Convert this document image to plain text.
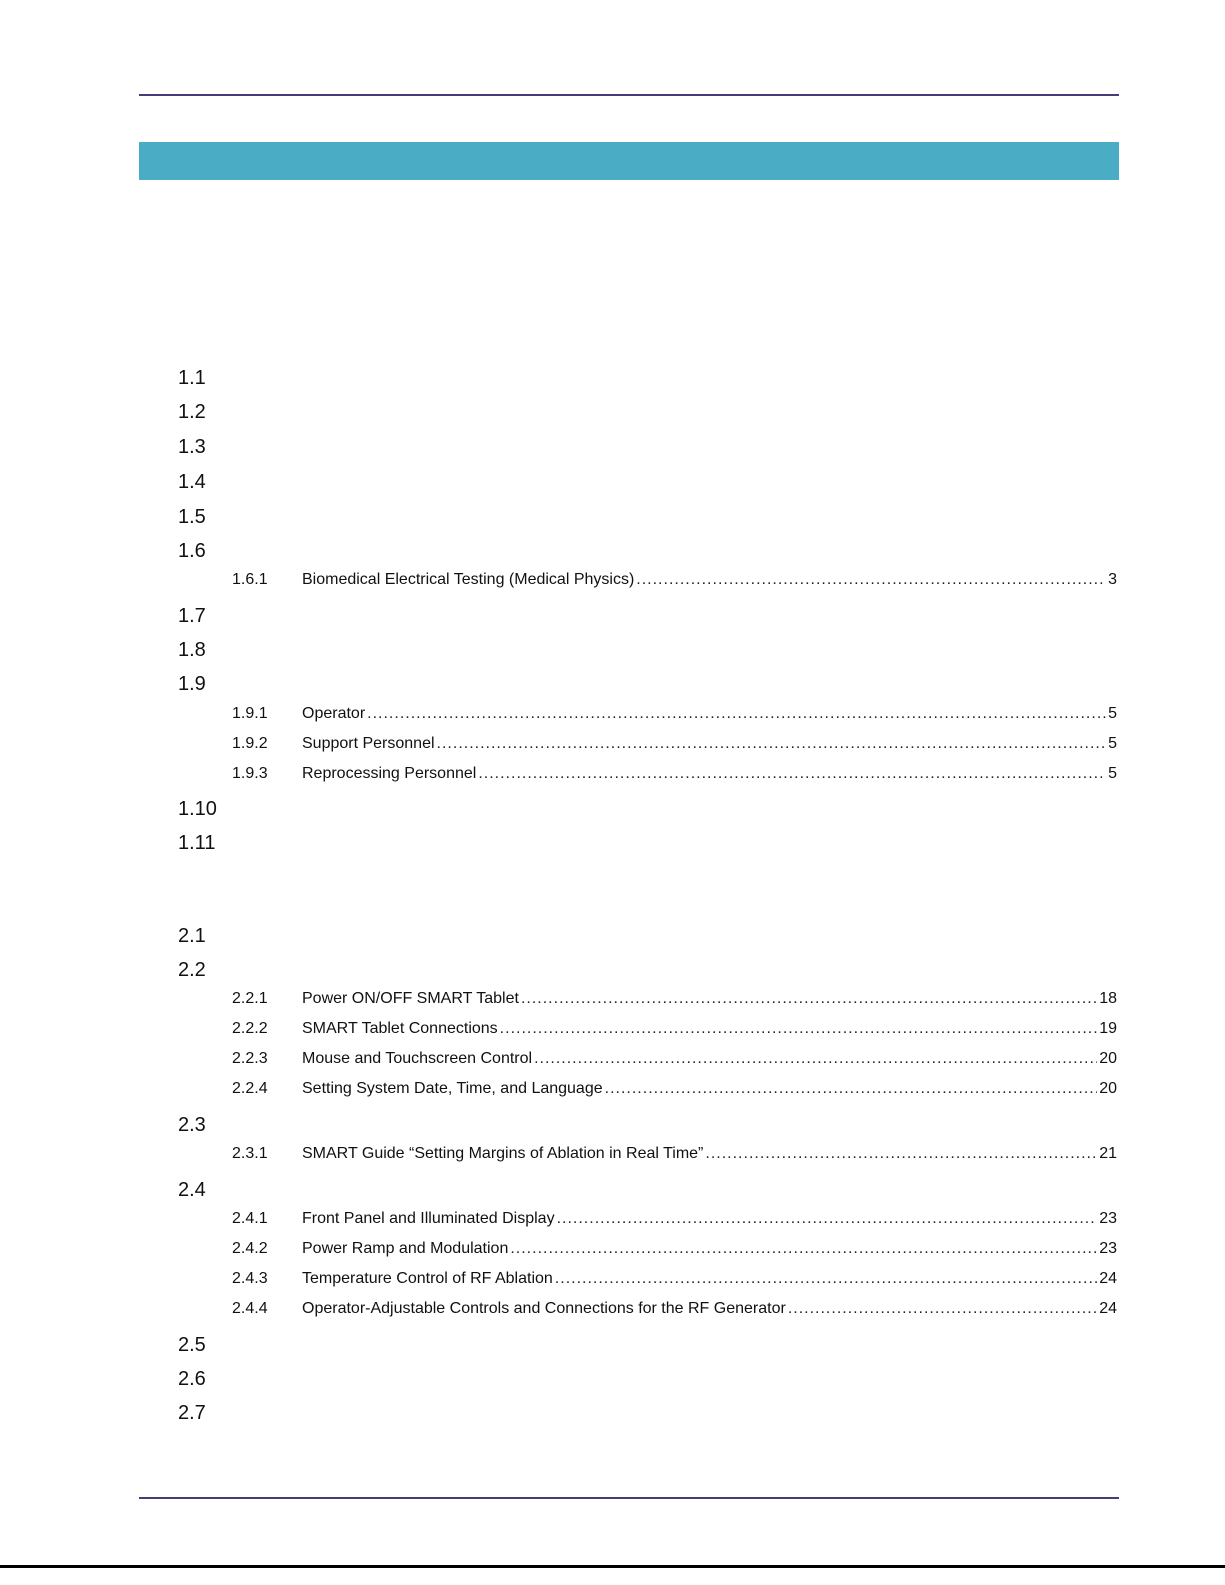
1.1
1.2
1.3
1.4
1.5
1.6
1.6.1 Biomedical Electrical Testing (Medical Physics) .....	3
1.7
1.8
1.9
1.9.1 Operator .....	5
1.9.2 Support Personnel .....	5
1.9.3 Reprocessing Personnel .....	5
1.10
1.11
2.1
2.2
2.2.1 Power ON/OFF SMART Tablet .....	18
2.2.2 SMART Tablet Connections .....	19
2.2.3 Mouse and Touchscreen Control .....	20
2.2.4 Setting System Date, Time, and Language .....	20
2.3
2.3.1 SMART Guide “Setting Margins of Ablation in Real Time” .....	21
2.4
2.4.1 Front Panel and Illuminated Display .....	23
2.4.2 Power Ramp and Modulation .....	23
2.4.3 Temperature Control of RF Ablation .....	24
2.4.4 Operator-Adjustable Controls and Connections for the RF Generator .....	24
2.5
2.6
2.7
